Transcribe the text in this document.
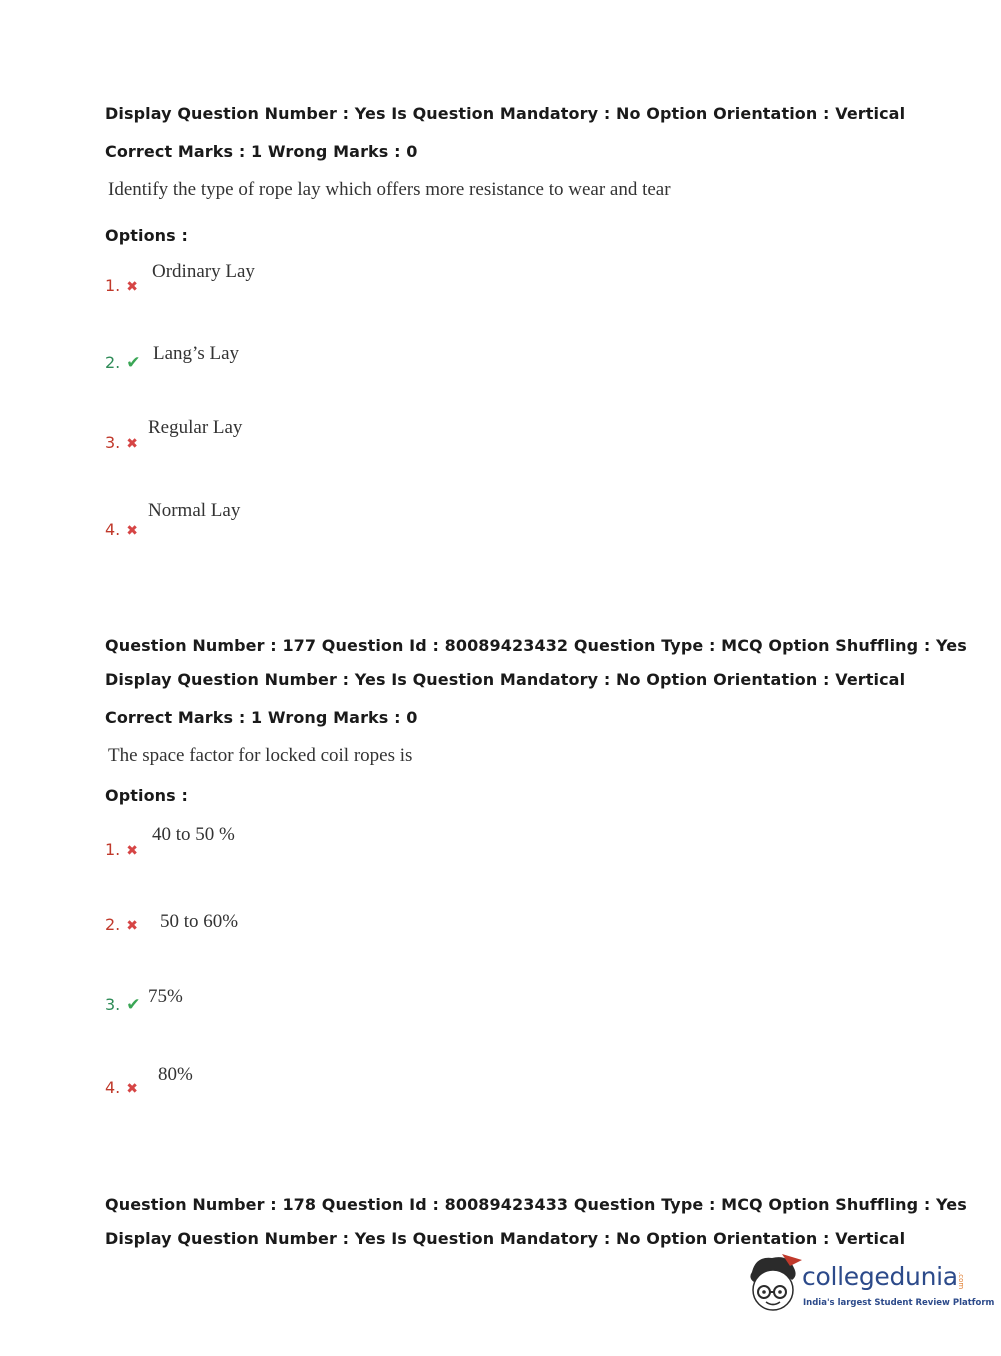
Display Question Number : Yes Is Question Mandatory : No Option Orientation : Vertical
Correct Marks : 1 Wrong Marks : 0
Identify the type of rope lay which offers more resistance to wear and tear
Options :
1. ✖
Ordinary Lay
2. ✔ Lang’s Lay
3. ✖
Regular Lay
4. ✖
Normal Lay
Question Number : 177 Question Id : 80089423432 Question Type : MCQ Option Shuffling : Yes
Display Question Number : Yes Is Question Mandatory : No Option Orientation : Vertical
Correct Marks : 1 Wrong Marks : 0
The space factor for locked coil ropes is
Options :
1. ✖
40 to 50 %
2. ✖ 50 to 60%
3. ✔ 75%
4. ✖
80%
Question Number : 178 Question Id : 80089423433 Question Type : MCQ Option Shuffling : Yes
Display Question Number : Yes Is Question Mandatory : No Option Orientation : Vertical
collegedunia .com
India's largest Student Review Platform
